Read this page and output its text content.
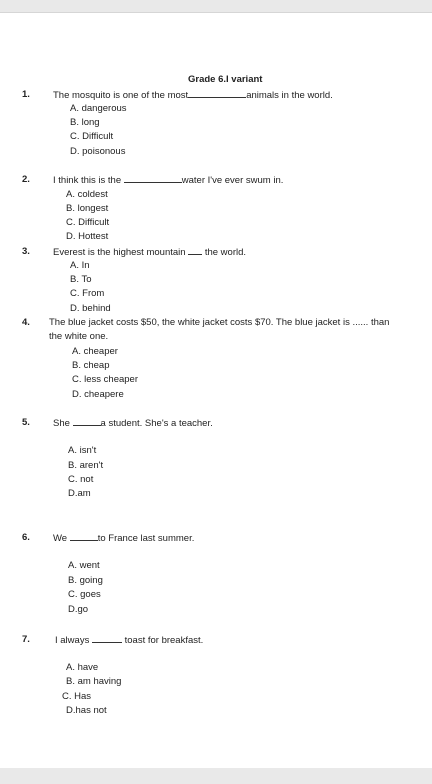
Grade 6.I variant
1. The mosquito is one of the most	animals in the world.
A. dangerous
B. long
C. Difficult
D. poisonous
2. I think this is the	water I've ever swum in.
A. coldest
B. longest
C. Difficult
D. Hottest
3. Everest is the highest mountain the world.
A. In
B. To
C. From
D. behind
4. The blue jacket costs $50, the white jacket costs $70. The blue jacket is ...... than
the white one.
A. cheaper
B. cheap
C. less cheaper
D. cheapere
5. She	a student. She's a teacher.
A. isn't
B. aren't
C. not
D.am
6. We	to France last summer.
A. went
B. going
C. goes
D.go
7.	I always	toast for breakfast.
A. have
B. am having
C. Has
D.has not
